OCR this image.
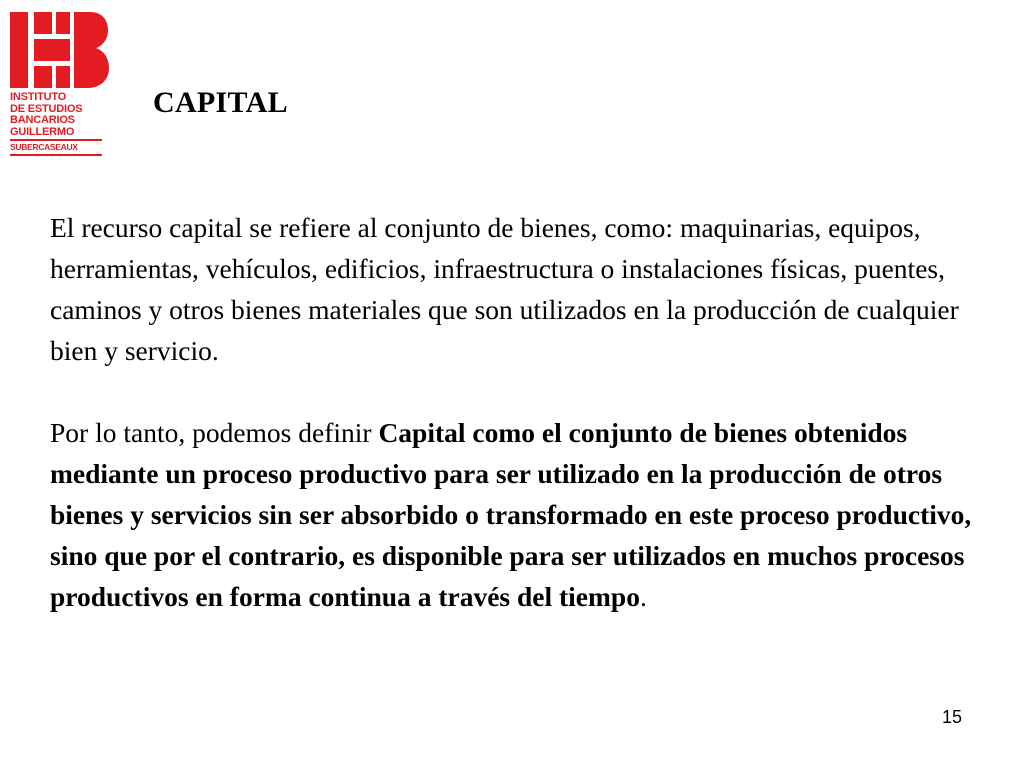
INSTITUTO
DE ESTUDIOS
BANCARIOS
GUILLERMO
SUBERCASEAUX
CAPITAL

El recurso capital se refiere al conjunto de bienes, como: maquinarias, equipos, herramientas, vehículos, edificios, infraestructura o instalaciones físicas, puentes, caminos y otros bienes materiales que son utilizados en la producción de cualquier bien y servicio.

Por lo tanto, podemos definir Capital como el conjunto de bienes obtenidos mediante un proceso productivo para ser utilizado en la producción de otros bienes y servicios sin ser absorbido o transformado en este proceso productivo, sino que por el contrario, es disponible para ser utilizados en muchos procesos productivos en forma continua a través del tiempo.

15
